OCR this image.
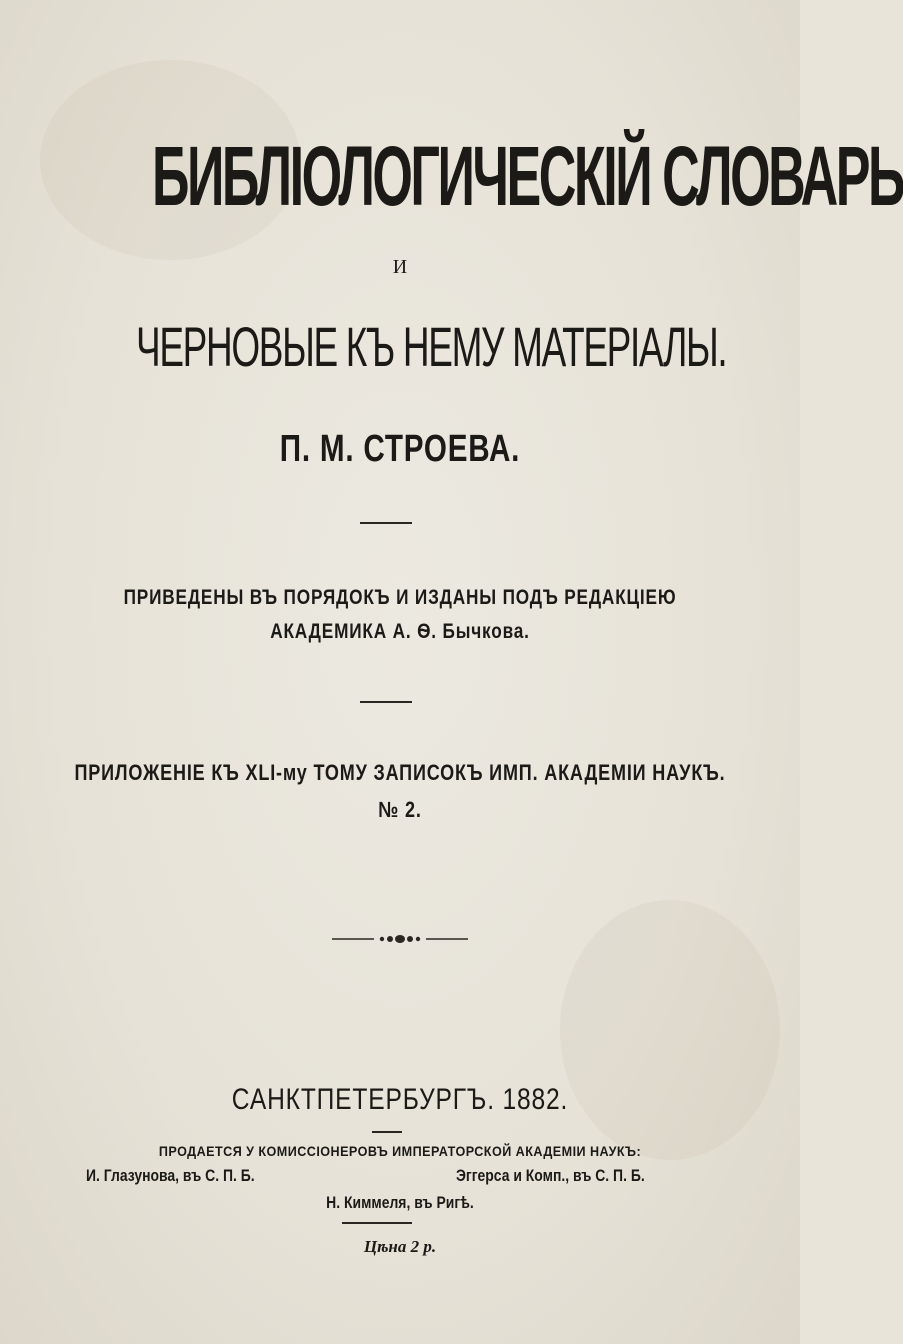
БИБЛІОЛОГИЧЕСКІЙ СЛОВАРЬ
И
ЧЕРНОВЫЕ КЪ НЕМУ МАТЕРІАЛЫ.
П. М. СТРОЕВА.
ПРИВЕДЕНЫ ВЪ ПОРЯДОКЪ И ИЗДАНЫ ПОДЪ РЕДАКЦІЕЮ
АКАДЕМИКА А. Ѳ. Бычкова.
ПРИЛОЖЕНІЕ КЪ XLI-му ТОМУ ЗАПИСОКЪ ИМП. АКАДЕМІИ НАУКЪ.
№ 2.
САНКТПЕТЕРБУРГЪ. 1882.
ПРОДАЕТСЯ У КОМИССІОНЕРОВЪ ИМПЕРАТОРСКОЙ АКАДЕМІИ НАУКЪ:
И. Глазунова, въ С. П. Б.	Эггерса и Комп., въ С. П. Б.
Н. Киммеля, въ Ригѣ.
Цѣна 2 р.
